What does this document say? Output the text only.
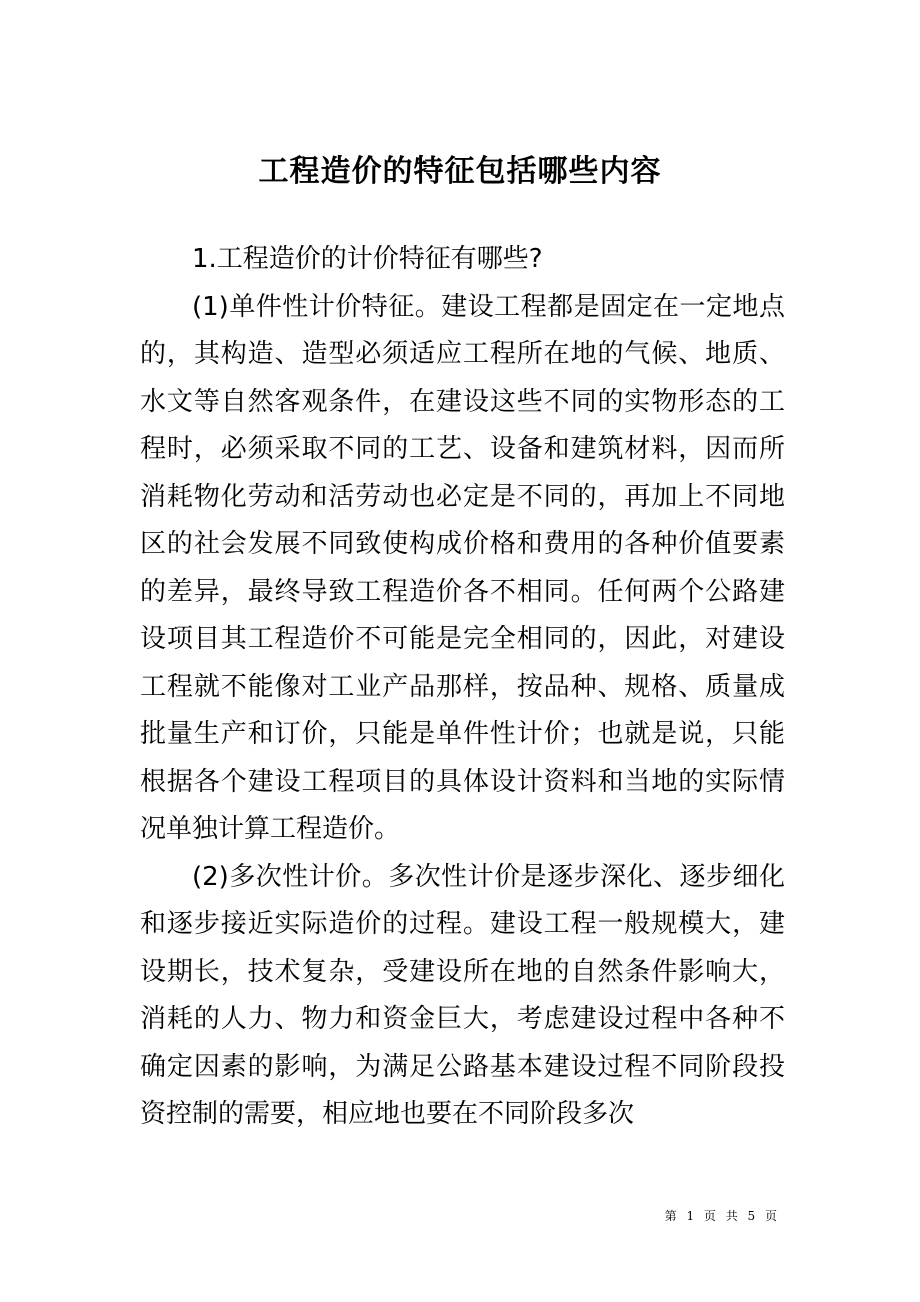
工程造价的特征包括哪些内容

1.工程造价的计价特征有哪些?

(1)单件性计价特征。建设工程都是固定在一定地点的，其构造、造型必须适应工程所在地的气候、地质、水文等自然客观条件，在建设这些不同的实物形态的工程时，必须采取不同的工艺、设备和建筑材料，因而所消耗物化劳动和活劳动也必定是不同的，再加上不同地区的社会发展不同致使构成价格和费用的各种价值要素的差异，最终导致工程造价各不相同。任何两个公路建设项目其工程造价不可能是完全相同的，因此，对建设工程就不能像对工业产品那样，按品种、规格、质量成批量生产和订价，只能是单件性计价；也就是说，只能根据各个建设工程项目的具体设计资料和当地的实际情况单独计算工程造价。

(2)多次性计价。多次性计价是逐步深化、逐步细化和逐步接近实际造价的过程。建设工程一般规模大，建设期长，技术复杂，受建设所在地的自然条件影响大，消耗的人力、物力和资金巨大，考虑建设过程中各种不确定因素的影响，为满足公路基本建设过程不同阶段投资控制的需要，相应地也要在不同阶段多次

第 1 页 共 5 页
